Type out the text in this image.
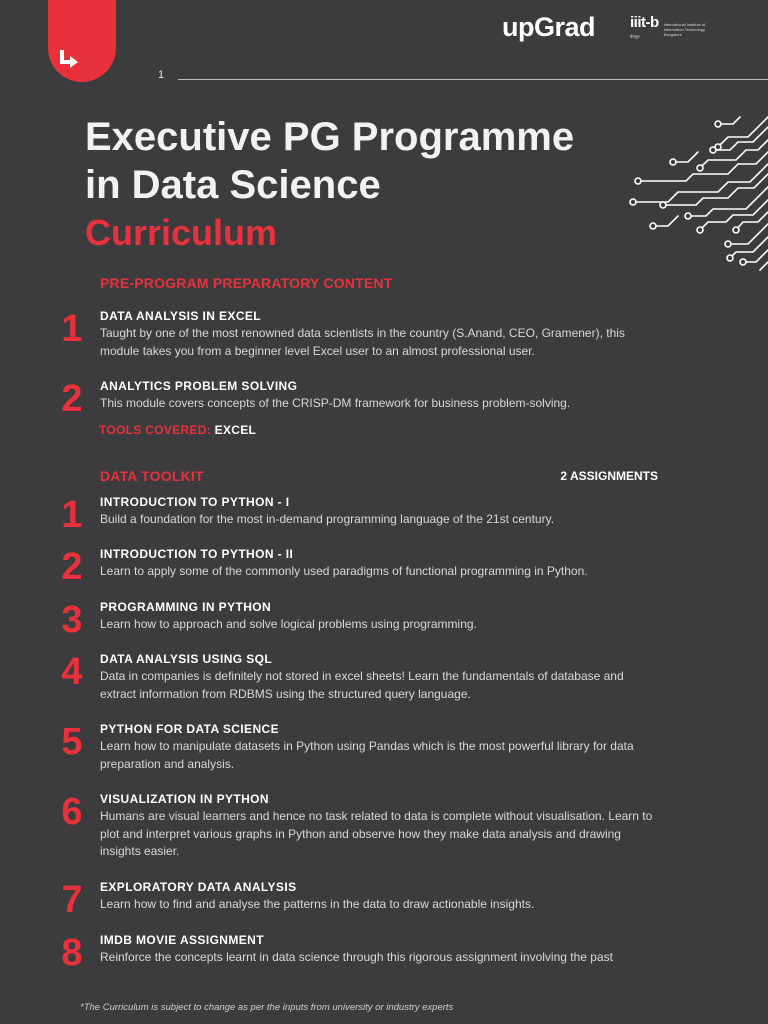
1
upGrad iiit-b
बेंगलूरु
International Institute of Information Technology Bangalore
Executive PG Programme
in Data Science
Curriculum
PRE-PROGRAM PREPARATORY CONTENT
1	DATA ANALYSIS IN EXCEL
Taught by one of the most renowned data scientists in the country (S.Anand, CEO, Gramener), this module takes you from a beginner level Excel user to an almost professional user.
2	ANALYTICS PROBLEM SOLVING
This module covers concepts of the CRISP-DM framework for business problem-solving.
TOOLS COVERED: EXCEL
DATA TOOLKIT	2 ASSIGNMENTS
1	INTRODUCTION TO PYTHON - I
Build a foundation for the most in-demand programming language of the 21st century.
2	INTRODUCTION TO PYTHON - II
Learn to apply some of the commonly used paradigms of functional programming in Python.
3	PROGRAMMING IN PYTHON
Learn how to approach and solve logical problems using programming.
4	DATA ANALYSIS USING SQL
Data in companies is definitely not stored in excel sheets! Learn the fundamentals of database and extract information from RDBMS using the structured query language.
5	PYTHON FOR DATA SCIENCE
Learn how to manipulate datasets in Python using Pandas which is the most powerful library for data preparation and analysis.
6	VISUALIZATION IN PYTHON
Humans are visual learners and hence no task related to data is complete without visualisation. Learn to plot and interpret various graphs in Python and observe how they make data analysis and drawing insights easier.
7	EXPLORATORY DATA ANALYSIS
Learn how to find and analyse the patterns in the data to draw actionable insights.
8	IMDB MOVIE ASSIGNMENT
Reinforce the concepts learnt in data science through this rigorous assignment involving the past
*The Curriculum is subject to change as per the inputs from university or industry experts
